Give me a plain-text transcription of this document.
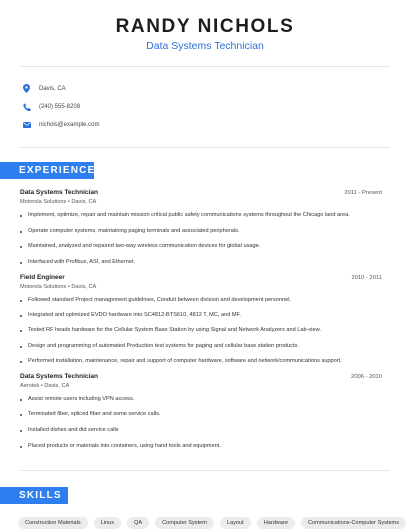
RANDY NICHOLS
Data Systems Technician
Davis, CA
(240) 555-8208
nichols@example.com
EXPERIENCE
Data Systems Technician	2011 - Present
Motorola Solutions • Davis, CA
Implement, optimize, repair and maintain mission critical public safety communications systems throughout the Chicago land area.
Operate computer systems, maintaining paging terminals and associated peripherals.
Maintained, analyzed and repaired two-way wireless communication devices for global usage.
Interfaced with Profibus, ASI, and Ethernet.
Field Engineer	2010 - 2011
Motorola Solutions • Davis, CA
Followed standard Project management guidelines, Conduit between division and development personnel.
Integrated and optimized EVDO hardware into SC4812-BTS610, 4812 T, MC, and MF.
Tested RF heads hardware for the Cellular System Base Station by using Signal and Network Analyzers and Lab-view.
Design and programming of automated Production test systems for paging and cellular base station products.
Performed installation, maintenance, repair and support of computer hardware, software and network/communications support.
Data Systems Technician	2006 - 2010
Aerotek • Davis, CA
Assist remote users including VPN access.
Terminated fiber, spliced fiber and some service calls.
Installed dishes and did service calls
Placed products or materials into containers, using hand tools and equipment.
SKILLS
Construction Materials	Linux	QA	Computer System	Layout	Hardware	Communications-Computer Systems
